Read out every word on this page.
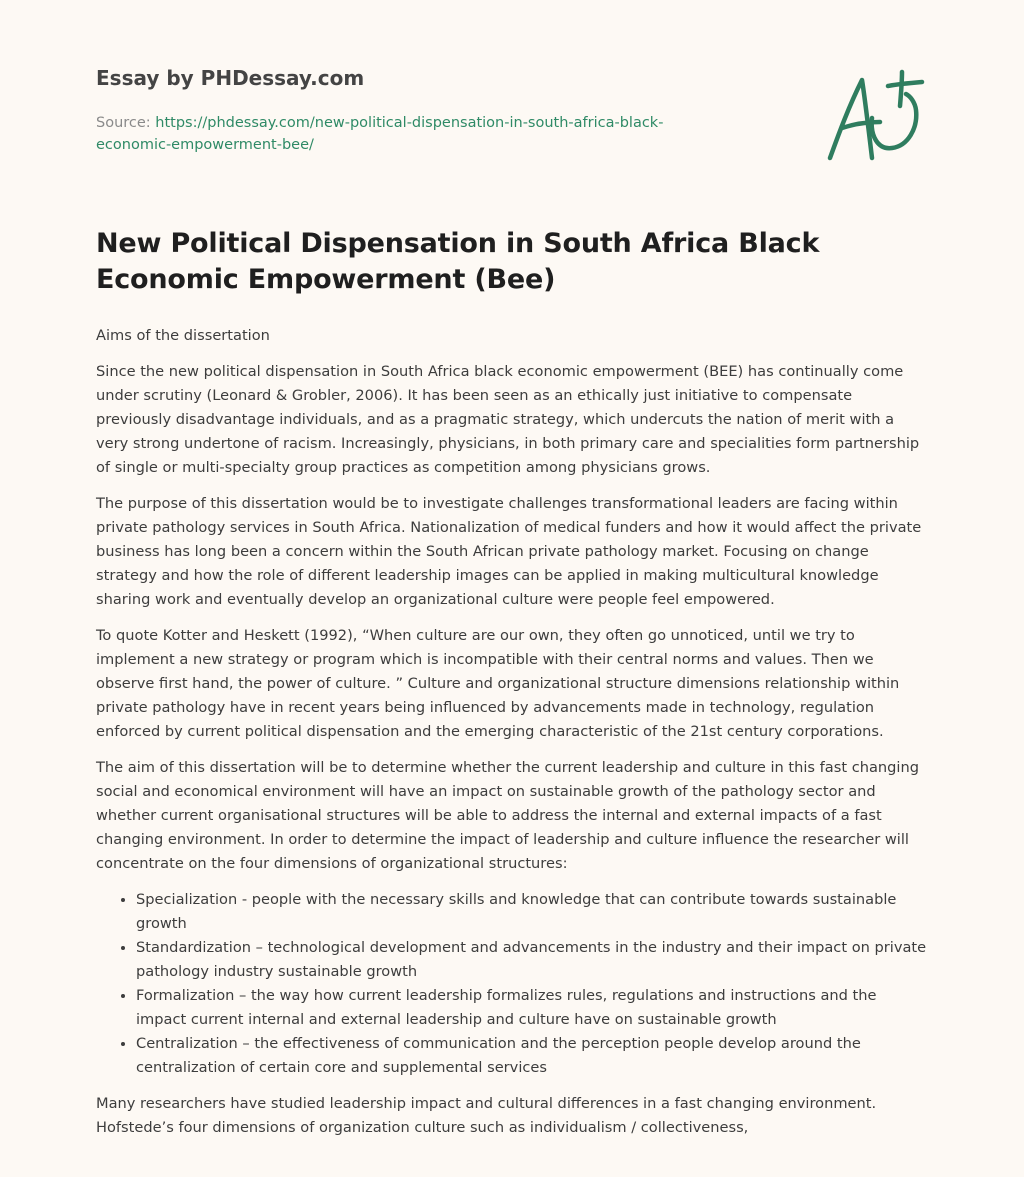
Essay by PHDessay.com
Source: https://phdessay.com/new-political-dispensation-in-south-africa-black-economic-empowerment-bee/
New Political Dispensation in South Africa Black Economic Empowerment (Bee)

Aims of the dissertation

Since the new political dispensation in South Africa black economic empowerment (BEE) has continually come under scrutiny (Leonard & Grobler, 2006). It has been seen as an ethically just initiative to compensate previously disadvantage individuals, and as a pragmatic strategy, which undercuts the nation of merit with a very strong undertone of racism. Increasingly, physicians, in both primary care and specialities form partnership of single or multi-specialty group practices as competition among physicians grows.

The purpose of this dissertation would be to investigate challenges transformational leaders are facing within private pathology services in South Africa. Nationalization of medical funders and how it would affect the private business has long been a concern within the South African private pathology market. Focusing on change strategy and how the role of different leadership images can be applied in making multicultural knowledge sharing work and eventually develop an organizational culture were people feel empowered.

To quote Kotter and Heskett (1992), “When culture are our own, they often go unnoticed, until we try to implement a new strategy or program which is incompatible with their central norms and values. Then we observe first hand, the power of culture. ” Culture and organizational structure dimensions relationship within private pathology have in recent years being influenced by advancements made in technology, regulation enforced by current political dispensation and the emerging characteristic of the 21st century corporations.

The aim of this dissertation will be to determine whether the current leadership and culture in this fast changing social and economical environment will have an impact on sustainable growth of the pathology sector and whether current organisational structures will be able to address the internal and external impacts of a fast changing environment. In order to determine the impact of leadership and culture influence the researcher will concentrate on the four dimensions of organizational structures:

• Specialization - people with the necessary skills and knowledge that can contribute towards sustainable growth
• Standardization – technological development and advancements in the industry and their impact on private pathology industry sustainable growth
• Formalization – the way how current leadership formalizes rules, regulations and instructions and the impact current internal and external leadership and culture have on sustainable growth
• Centralization – the effectiveness of communication and the perception people develop around the centralization of certain core and supplemental services

Many researchers have studied leadership impact and cultural differences in a fast changing environment. Hofstede’s four dimensions of organization culture such as individualism / collectiveness,
